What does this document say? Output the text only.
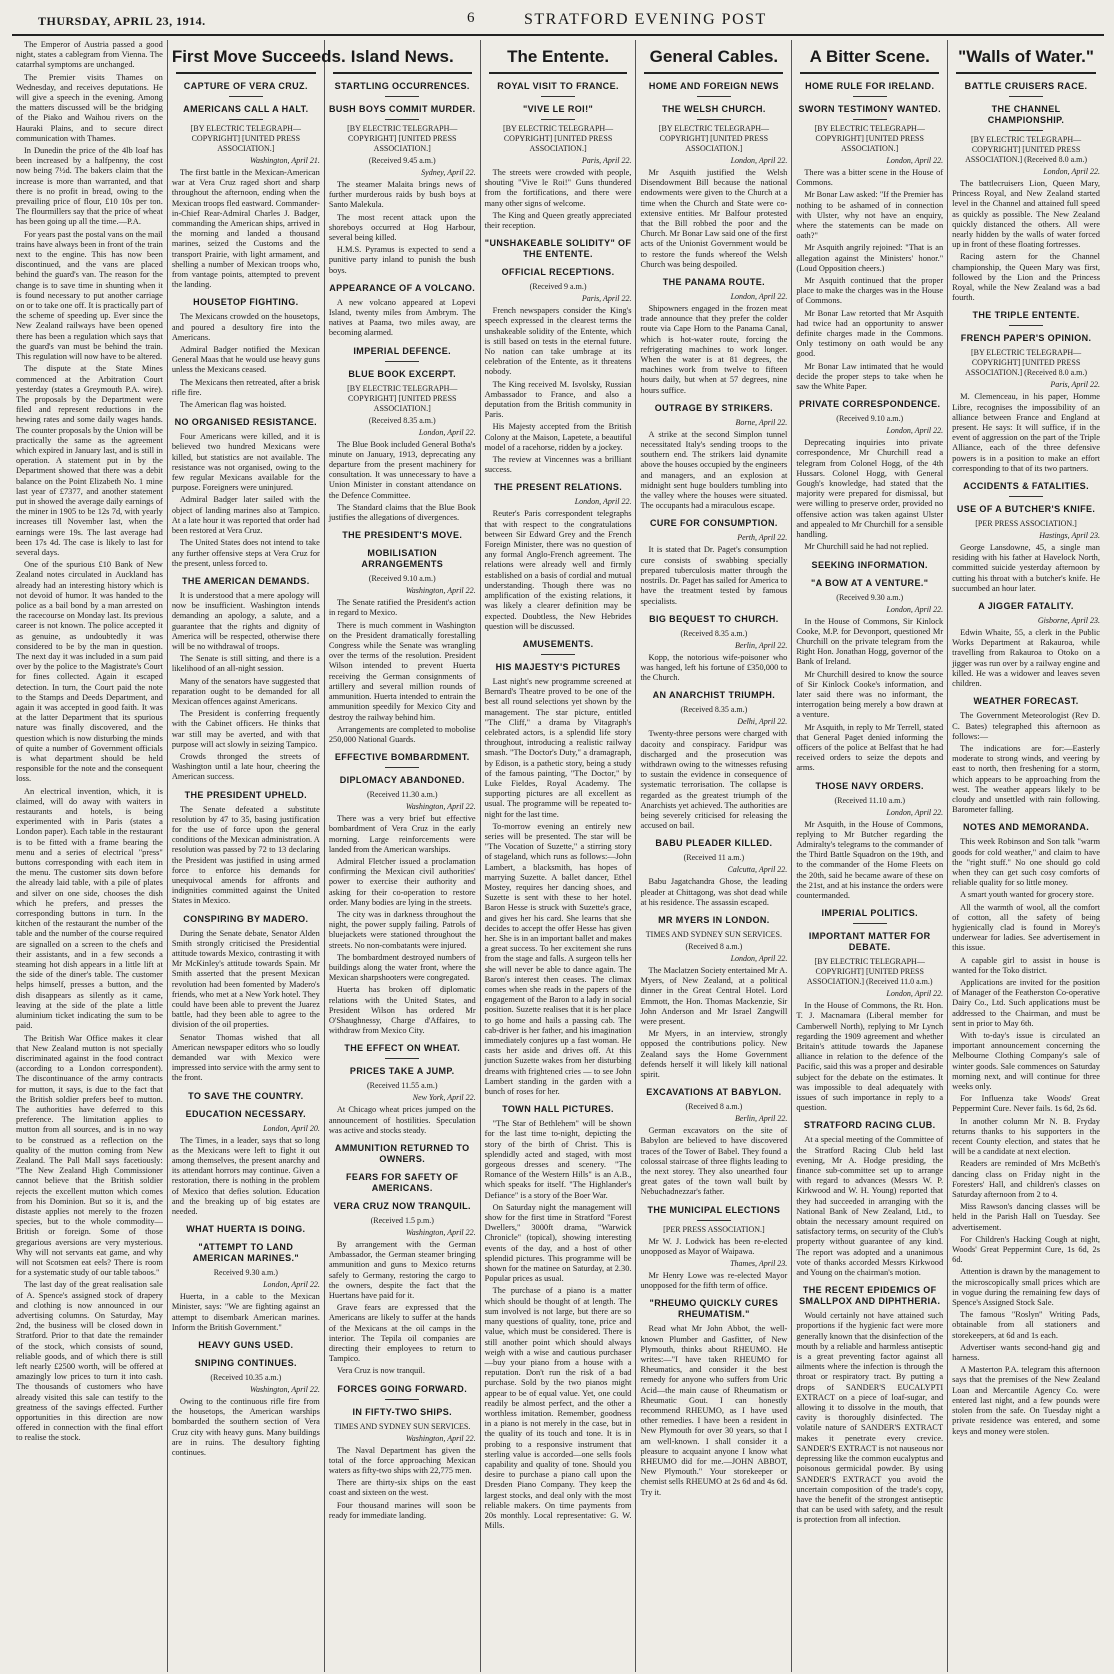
THURSDAY, APRIL 23, 1914.	6	STRATFORD EVENING POST
The Emperor of Austria passed a good night, states a cablegram from Vienna. The catarrhal symptoms are unchanged.
The Premier visits Thames on Wednesday, and receives deputations. He will give a speech in the evening. Among the matters discussed will be the bridging of the Piako and Waihou rivers on the Hauraki Plains, and to secure direct communication with Thames.
In Dunedin the price of the 4lb loaf has been increased by a halfpenny, the cost now being 7½d. The bakers claim that the increase is more than warranted, and that there is no profit in bread, owing to the prevailing price of flour, £10 10s per ton. The flourmillers say that the price of wheat has been going up all the time.—P.A.
For years past the postal vans on the mail trains have always been in front of the train next to the engine. This has now been discontinued, and the vans are placed behind the guard's van. The reason for the change is to save time in shunting when it is found necessary to put another carriage on or to take one off. It is practically part of the scheme of speeding up. Ever since the New Zealand railways have been opened there has been a regulation which says that the guard's van must be behind the train. This regulation will now have to be altered.
The dispute at the State Mines commenced at the Arbitration Court yesterday (states a Greymouth P.A. wire). The proposals by the Department were filed and represent reductions in the hewing rates and some daily wages hands. The counter proposals by the Union will be practically the same as the agreement which expired in January last, and is still in operation. A statement put in by the Department showed that there was a debit balance on the Point Elizabeth No. 1 mine last year of £7377, and another statement put in showed the average daily earnings of the miner in 1905 to be 12s 7d, with yearly increases till November last, when the earnings were 19s. The last average had been 17s 4d. The case is likely to last for several days.
One of the spurious £10 Bank of New Zealand notes circulated in Auckland has already had an interesting history which is not devoid of humor. It was handed to the police as a bail bond by a man arrested on the racecourse on Monday last. Its previous career is not known. The police accepted it as genuine, as undoubtedly it was considered to be by the man in question. The next day it was included in a sum paid over by the police to the Magistrate's Court for fines collected. Again it escaped detection. In turn, the Court paid the note to the Stamps and Deeds Department, and again it was accepted in good faith. It was at the latter Department that its spurious nature was finally discovered, and the question which is now disturbing the minds of quite a number of Government officials is what department should be held responsible for the note and the consequent loss.
An electrical invention, which, it is claimed, will do away with waiters in restaurants and hotels, is being experimented with in Paris (states a London paper). Each table in the restaurant is to be fitted with a frame bearing the menu and a series of electrical "press" buttons corresponding with each item in the menu. The customer sits down before the already laid table, with a pile of plates and silver on one side, chooses the dish which he prefers, and presses the corresponding buttons in turn. In the kitchen of the restaurant the number of the table and the number of the course required are signalled on a screen to the chefs and their assistants, and in a few seconds a steaming hot dish appears in a little lift at the side of the diner's table. The customer helps himself, presses a button, and the dish disappears as silently as it came, leaving at the side of the plate a little aluminium ticket indicating the sum to be paid.
The British War Office makes it clear that New Zealand mutton is not specially discriminated against in the food contract (according to a London correspondent). The discontinuance of the army contracts for mutton, it says, is due to the fact that the British soldier prefers beef to mutton. The authorities have deferred to this preference. The limitation applies to mutton from all sources, and is in no way to be construed as a reflection on the quality of the mutton coming from New Zealand. The Pall Mall says facetiously: "The New Zealand High Commissioner cannot believe that the British soldier rejects the excellent mutton which comes from his Dominion. But so it is, and the distaste applies not merely to the frozen species, but to the whole commodity—British or foreign. Some of those gregarious aversions are very mysterious. Why will not servants eat game, and why will not Scotsmen eat eels? There is room for a systematic study of our table taboos."
The last day of the great realisation sale of A. Spence's assigned stock of drapery and clothing is now announced in our advertising columns. On Saturday, May 2nd, the business will be closed down in Stratford. Prior to that date the remainder of the stock, which consists of sound, reliable goods, and of which there is still left nearly £2500 worth, will be offered at amazingly low prices to turn it into cash. The thousands of customers who have already visited this sale can testify to the greatness of the savings effected. Further opportunities in this direction are now offered in connection with the final effort to realise the stock.
First Move Succeeds.
CAPTURE OF VERA CRUZ.
AMERICANS CALL A HALT.
[BY ELECTRIC TELEGRAPH—COPYRIGHT] [UNITED PRESS ASSOCIATION.]
Washington, April 21.
The first battle in the Mexican-American war at Vera Cruz raged short and sharp throughout the afternoon, ending when the Mexican troops fled eastward. Commander-in-Chief Rear-Admiral Charles J. Badger, commanding the American ships, arrived in the morning and landed a thousand marines, seized the Customs and the transport Prairie, with light armament, and shelling a number of Mexican troops who, from vantage points, attempted to prevent the landing.
HOUSETOP FIGHTING.
The Mexicans crowded on the housetops, and poured a desultory fire into the Americans.
Admiral Badger notified the Mexican General Maas that he would use heavy guns unless the Mexicans ceased.
The Mexicans then retreated, after a brisk rifle fire.
The American flag was hoisted.
NO ORGANISED RESISTANCE.
Four Americans were killed, and it is believed two hundred Mexicans were killed, but statistics are not available. The resistance was not organised, owing to the few regular Mexicans available for the purpose. Foreigners were uninjured.
Admiral Badger later sailed with the object of landing marines also at Tampico. At a late hour it was reported that order had been restored at Vera Cruz.
The United States does not intend to take any further offensive steps at Vera Cruz for the present, unless forced to.
THE AMERICAN DEMANDS.
It is understood that a mere apology will now be insufficient. Washington intends demanding an apology, a salute, and a guarantee that the rights and dignity of America will be respected, otherwise there will be no withdrawal of troops.
The Senate is still sitting, and there is a likelihood of an all-night session.
Many of the senators have suggested that reparation ought to be demanded for all Mexican offences against Americans.
The President is conferring frequently with the Cabinet officers. He thinks that war still may be averted, and with that purpose will act slowly in seizing Tampico.
Crowds thronged the streets of Washington until a late hour, cheering the American success.
THE PRESIDENT UPHELD.
The Senate defeated a substitute resolution by 47 to 35, basing justification for the use of force upon the general conditions of the Mexican administration. A resolution was passed by 72 to 13 declaring the President was justified in using armed force to enforce his demands for unequivocal amends for affronts and indignities committed against the United States in Mexico.
CONSPIRING BY MADERO.
During the Senate debate, Senator Alden Smith strongly criticised the Presidential attitude towards Mexico, contrasting it with Mr McKinley's attitude towards Spain. Mr Smith asserted that the present Mexican revolution had been fomented by Madero's friends, who met at a New York hotel. They could have been able to prevent the Juarez battle, had they been able to agree to the division of the oil properties.
Senator Thomas wished that all American newspaper editors who so loudly demanded war with Mexico were impressed into service with the army sent to the front.
TO SAVE THE COUNTRY.
EDUCATION NECESSARY.
London, April 20.
The Times, in a leader, says that so long as the Mexicans were left to fight it out among themselves, the present anarchy and its attendant horrors may continue. Given a restoration, there is nothing in the problem of Mexico that defies solution. Education and the breaking up of big estates are needed.
WHAT HUERTA IS DOING.
"ATTEMPT TO LAND AMERICAN MARINES."
Received 9.30 a.m.)
London, April 22.
Huerta, in a cable to the Mexican Minister, says: "We are fighting against an attempt to disembark American marines. Inform the British Government."
HEAVY GUNS USED.
SNIPING CONTINUES.
(Received 10.35 a.m.)
Washington, April 22.
Owing to the continuous rifle fire from the housetops, the American warships bombarded the southern section of Vera Cruz city with heavy guns. Many buildings are in ruins. The desultory fighting continues.
Island News.
STARTLING OCCURRENCES.
BUSH BOYS COMMIT MURDER.
[BY ELECTRIC TELEGRAPH—COPYRIGHT] [UNITED PRESS ASSOCIATION.]
(Received 9.45 a.m.)
Sydney, April 22.
The steamer Malaita brings news of further murderous raids by bush boys at Santo Malekula.
The most recent attack upon the shoreboys occurred at Hog Harbour, several being killed.
H.M.S. Pyramus is expected to send a punitive party inland to punish the bush boys.
APPEARANCE OF A VOLCANO.
A new volcano appeared at Lopevi Island, twenty miles from Ambrym. The natives at Paama, two miles away, are becoming alarmed.
IMPERIAL DEFENCE.
BLUE BOOK EXCERPT.
[BY ELECTRIC TELEGRAPH—COPYRIGHT] [UNITED PRESS ASSOCIATION.]
(Received 8.35 a.m.)
London, April 22.
The Blue Book included General Botha's minute on January, 1913, deprecating any departure from the present machinery for consultation. It was unnecessary to have a Union Minister in constant attendance on the Defence Committee.
The Standard claims that the Blue Book justifies the allegations of divergences.
THE PRESIDENT'S MOVE.
MOBILISATION ARRANGEMENTS
(Received 9.10 a.m.)
Washington, April 22.
The Senate ratified the President's action in regard to Mexico.
There is much comment in Washington on the President dramatically forestalling Congress while the Senate was wrangling over the terms of the resolution. President Wilson intended to prevent Huerta receiving the German consignments of artillery and several million rounds of ammunition. Huerta intended to entrain the ammunition speedily for Mexico City and destroy the railway behind him.
Arrangements are completed to mobolise 250,000 National Guards.
EFFECTIVE BOMBARDMENT.
DIPLOMACY ABANDONED.
(Received 11.30 a.m.)
Washington, April 22.
There was a very brief but effective bombardment of Vera Cruz in the early morning. Large reinforcements were landed from the American warships.
Admiral Fletcher issued a proclamation confirming the Mexican civil authorities' power to exercise their authority and asking for their co-operation to restore order. Many bodies are lying in the streets.
The city was in darkness throughout the night, the power supply failing. Patrols of bluejackets were stationed throughout the streets. No non-combatants were injured.
The bombardment destroyed numbers of buildings along the water front, where the Mexican sharpshooters were congregated.
Huerta has broken off diplomatic relations with the United States, and President Wilson has ordered Mr O'Shaughnessy, Charge d'Affaires, to withdraw from Mexico City.
THE EFFECT ON WHEAT.
PRICES TAKE A JUMP.
(Received 11.55 a.m.)
New York, April 22.
At Chicago wheat prices jumped on the announcement of hostilities. Speculation was active and stocks steady.
AMMUNITION RETURNED TO OWNERS.
FEARS FOR SAFETY OF AMERICANS.
VERA CRUZ NOW TRANQUIL.
(Received 1.5 p.m.)
Washington, April 22.
By arrangement with the German Ambassador, the German steamer bringing ammunition and guns to Mexico returns safely to Germany, restoring the cargo to the owners, despite the fact that the Huertans have paid for it.
Grave fears are expressed that the Americans are likely to suffer at the hands of the Mexicans at the oil camps in the interior. The Tepila oil companies are directing their employees to return to Tampico.
Vera Cruz is now tranquil.
FORCES GOING FORWARD.
IN FIFTY-TWO SHIPS.
TIMES AND SYDNEY SUN SERVICES.
Washington, April 22.
The Naval Department has given the total of the force approaching Mexican waters as fifty-two ships with 22,775 men.
There are thirty-six ships on the east coast and sixteen on the west.
Four thousand marines will soon be ready for immediate landing.
The Entente.
ROYAL VISIT TO FRANCE.
"VIVE LE ROI!"
[BY ELECTRIC TELEGRAPH—COPYRIGHT] [UNITED PRESS ASSOCIATION.]
Paris, April 22.
The streets were crowded with people, shouting "Vive le Roi!" Guns thundered from the fortifications, and there were many other signs of welcome.
The King and Queen greatly appreciated their reception.
"UNSHAKEABLE SOLIDITY" OF THE ENTENTE.
OFFICIAL RECEPTIONS.
(Received 9 a.m.)
Paris, April 22.
French newspapers consider the King's speech expressed in the clearest terms the unshakeable solidity of the Entente, which is still based on tests in the eternal future. No nation can take umbrage at its celebration of the Entente, as it threatens nobody.
The King received M. Isvolsky, Russian Ambassador to France, and also a deputation from the British community in Paris.
His Majesty accepted from the British Colony at the Maison, Lapetete, a beautiful model of a racehorse, ridden by a jockey.
The review at Vincennes was a brilliant success.
THE PRESENT RELATIONS.
London, April 22.
Reuter's Paris correspondent telegraphs that with respect to the congratulations between Sir Edward Grey and the French Foreign Minister, there was no question of any formal Anglo-French agreement. The relations were already well and firmly established on a basis of cordial and mutual understanding. Though there was no amplification of the existing relations, it was likely a clearer definition may be expected. Doubtless, the New Hebrides question will be discussed.
AMUSEMENTS.
HIS MAJESTY'S PICTURES
Last night's new programme screened at Bernard's Theatre proved to be one of the best all round selections yet shown by the management. The star picture, entitled "The Cliff," a drama by Vitagraph's celebrated actors, is a splendid life story throughout, introducing a realistic railway smash. "The Doctor's Duty," a dramagraph, by Edison, is a pathetic story, being a study of the famous painting, "The Doctor," by Luke Fieldes, Royal Academy. The supporting pictures are all excellent as usual. The programme will be repeated to-night for the last time.
To-morrow evening an entirely new series will be presented. The star will be "The Vocation of Suzette," a stirring story of stageland, which runs as follows:—John Lambert, a blacksmith, has hopes of marrying Suzette. A ballet dancer, Ethel Mostey, requires her dancing shoes, and Suzette is sent with these to her hotel. Baron Hesse is struck with Suzette's grace, and gives her his card. She learns that she decides to accept the offer Hesse has given her. She is in an important ballet and makes a great success. To her excitement she runs from the stage and falls. A surgeon tells her she will never be able to dance again. The Baron's interest then ceases. The climax comes when she reads in the papers of the engagement of the Baron to a lady in social position. Suzette realises that it is her place to go home and hails a passing cab. The cab-driver is her father, and his imagination immediately conjures up a fast woman. He casts her aside and drives off. At this junction Suzette wakes from her disturbing dreams with frightened cries — to see John Lambert standing in the garden with a bunch of roses for her.
TOWN HALL PICTURES.
"The Star of Bethlehem" will be shown for the last time to-night, depicting the story of the birth of Christ. This is splendidly acted and staged, with most gorgeous dresses and scenery. "The Romance of the Western Hills" is an A.B., which speaks for itself. "The Highlander's Defiance" is a story of the Boer War.
On Saturday night the management will show for the first time in Stratford "Forest Dwellers," 3000ft drama, "Warwick Chronicle" (topical), showing interesting events of the day, and a host of other splendid pictures. This programme will be shown for the matinee on Saturday, at 2.30. Popular prices as usual.
The purchase of a piano is a matter which should be thought of at length. The sum involved is not large, but there are so many questions of quality, tone, price and value, which must be considered. There is still another point which should always weigh with a wise and cautious purchaser—buy your piano from a house with a reputation. Don't run the risk of a bad purchase. Sold by the two pianos might appear to be of equal value. Yet, one could readily be almost perfect, and the other a worthless imitation. Remember, goodness in a piano is not merely in the case, but in the quality of its touch and tone. It is in probing to a responsive instrument that sterling value is accorded—one sells fools capability and quality of tone. Should you desire to purchase a piano call upon the Dresden Piano Company. They keep the largest stocks, and deal only with the most reliable makers. On time payments from 20s monthly. Local representative: G. W. Mills.
General Cables.
HOME AND FOREIGN NEWS
THE WELSH CHURCH.
[BY ELECTRIC TELEGRAPH—COPYRIGHT] [UNITED PRESS ASSOCIATION.]
London, April 22.
Mr Asquith justified the Welsh Disendowment Bill because the national endowments were given to the Church at a time when the Church and State were co-extensive entities. Mr Balfour protested that the Bill robbed the poor and the Church. Mr Bonar Law said one of the first acts of the Unionist Government would be to restore the funds whereof the Welsh Church was being despoiled.
THE PANAMA ROUTE.
London, April 22.
Shipowners engaged in the frozen meat trade announce that they prefer the colder route via Cape Horn to the Panama Canal, which is hot-water route, forcing the refrigerating machines to work longer. When the water is at 81 degrees, the machines work from twelve to fifteen hours daily, but when at 57 degrees, nine hours suffice.
OUTRAGE BY STRIKERS.
Borne, April 22.
A strike at the second Simplon tunnel necessitated Italy's sending troops to the southern end. The strikers laid dynamite above the houses occupied by the engineers and managers, and an explosion at midnight sent huge boulders tumbling into the valley where the houses were situated. The occupants had a miraculous escape.
CURE FOR CONSUMPTION.
Perth, April 22.
It is stated that Dr. Paget's consumption cure consists of swabbing specially prepared tuberculosis matter through the nostrils. Dr. Paget has sailed for America to have the treatment tested by famous specialists.
BIG BEQUEST TO CHURCH.
(Received 8.35 a.m.)
Berlin, April 22.
Kopp, the notorious wife-poisoner who was hanged, left his fortune of £350,000 to the Church.
AN ANARCHIST TRIUMPH.
(Received 8.35 a.m.)
Delhi, April 22.
Twenty-three persons were charged with dacoity and conspiracy. Faridpur was discharged and the prosecution was withdrawn owing to the witnesses refusing to sustain the evidence in consequence of systematic terrorisation. The collapse is regarded as the greatest triumph of the Anarchists yet achieved. The authorities are being severely criticised for releasing the accused on bail.
BABU PLEADER KILLED.
(Received 11 a.m.)
Calcutta, April 22.
Babu Jagatchandra Ghose, the leading pleader at Chittagong, was shot dead while at his residence. The assassin escaped.
MR MYERS IN LONDON.
TIMES AND SYDNEY SUN SERVICES.
(Received 8 a.m.)
London, April 22.
The Maclatzen Society entertained Mr A. Myers, of New Zealand, at a political dinner in the Great Central Hotel. Lord Emmott, the Hon. Thomas Mackenzie, Sir John Anderson and Mr Israel Zangwill were present.
Mr Myers, in an interview, strongly opposed the contributions policy. New Zealand says the Home Government defends herself it will likely kill national spirit.
EXCAVATIONS AT BABYLON.
(Received 8 a.m.)
Berlin, April 22.
German excavators on the site of Babylon are believed to have discovered traces of the Tower of Babel. They found a colossal staircase of three flights leading to the next storey. They also unearthed four great gates of the town wall built by Nebuchadnezzar's father.
THE MUNICIPAL ELECTIONS
[PER PRESS ASSOCIATION.]
Mr W. J. Lodwick has been re-elected unopposed as Mayor of Waipawa.
Thames, April 23.
Mr Henry Lowe was re-elected Mayor unopposed for the fifth term of office.
"RHEUMO QUICKLY CURES RHEUMATISM."
Read what Mr John Abbot, the well-known Plumber and Gasfitter, of New Plymouth, thinks about RHEUMO. He writes:—"I have taken RHEUMO for Rheumatics, and consider it the best remedy for anyone who suffers from Uric Acid—the main cause of Rheumatism or Rheumatic Gout. I can honestly recommend RHEUMO, as I have used other remedies. I have been a resident in New Plymouth for over 30 years, so that I am well-known. I shall consider it a pleasure to acquaint anyone I know what RHEUMO did for me.—JOHN ABBOT, New Plymouth." Your storekeeper or chemist sells RHEUMO at 2s 6d and 4s 6d. Try it.
A Bitter Scene.
HOME RULE FOR IRELAND.
SWORN TESTIMONY WANTED.
[BY ELECTRIC TELEGRAPH—COPYRIGHT] [UNITED PRESS ASSOCIATION.]
London, April 22.
There was a bitter scene in the House of Commons.
Mr Bonar Law asked: "If the Premier has nothing to be ashamed of in connection with Ulster, why not have an enquiry, where the statements can be made on oath?"
Mr Asquith angrily rejoined: "That is an allegation against the Ministers' honor." (Loud Opposition cheers.)
Mr Asquith continued that the proper place to make the charges was in the House of Commons.
Mr Bonar Law retorted that Mr Asquith had twice had an opportunity to answer definite charges made in the Commons. Only testimony on oath would be any good.
Mr Bonar Law intimated that he would decide the proper steps to take when he saw the White Paper.
PRIVATE CORRESPONDENCE.
(Received 9.10 a.m.)
London, April 22.
Deprecating inquiries into private correspondence, Mr Churchill read a telegram from Colonel Hogg, of the 4th Hussars. Colonel Hogg, with General Gough's knowledge, had stated that the majority were prepared for dismissal, but were willing to preserve order, provided no offensive action was taken against Ulster and appealed to Mr Churchill for a sensible handling.
Mr Churchill said he had not replied.
SEEKING INFORMATION.
"A BOW AT A VENTURE."
(Received 9.30 a.m.)
London, April 22.
In the House of Commons, Sir Kinlock Cooke, M.P. for Devonport, questioned Mr Churchill on the private telegram from the Right Hon. Jonathan Hogg, governor of the Bank of Ireland.
Mr Churchill desired to know the source of Sir Kinlock Cooke's information, and later said there was no informant, the interrogation being merely a bow drawn at a venture.
Mr Asquith, in reply to Mr Terrell, stated that General Paget denied informing the officers of the police at Belfast that he had received orders to seize the depots and arms.
THOSE NAVY ORDERS.
(Received 11.10 a.m.)
London, April 22.
Mr Asquith, in the House of Commons, replying to Mr Butcher regarding the Admiralty's telegrams to the commander of the Third Battle Squadron on the 19th, and to the commander of the Home Fleets on the 20th, said he became aware of these on the 21st, and at his instance the orders were countermanded.
IMPERIAL POLITICS.
IMPORTANT MATTER FOR DEBATE.
[BY ELECTRIC TELEGRAPH—COPYRIGHT] [UNITED PRESS ASSOCIATION.] (Received 11.0 a.m.)
London, April 22.
In the House of Commons, the Rt. Hon. T. J. Macnamara (Liberal member for Camberwell North), replying to Mr Lynch regarding the 1909 agreement and whether Britain's attitude towards the Japanese alliance in relation to the defence of the Pacific, said this was a proper and desirable subject for the debate on the estimates. It was impossible to deal adequately with issues of such importance in reply to a question.
STRATFORD RACING CLUB.
At a special meeting of the Committee of the Stratford Racing Club held last evening, Mr A. Hodge presiding, the finance sub-committee set up to arrange with regard to advances (Messrs W. P. Kirkwood and W. H. Young) reported that they had succeeded in arranging with the National Bank of New Zealand, Ltd., to obtain the necessary amount required on satisfactory terms, on security of the Club's property without guarantee of any kind. The report was adopted and a unanimous vote of thanks accorded Messrs Kirkwood and Young on the chairman's motion.
THE RECENT EPIDEMICS OF SMALLPOX AND DIPHTHERIA.
Would certainly not have attained such proportions if the hygienic fact were more generally known that the disinfection of the mouth by a reliable and harmless antiseptic is a great preventing factor against all ailments where the infection is through the throat or respiratory tract. By putting a drops of SANDER'S EUCALYPTI EXTRACT on a piece of loaf-sugar, and allowing it to dissolve in the mouth, that cavity is thoroughly disinfected. The volatile nature of SANDER'S EXTRACT makes it penetrate every crevice. SANDER'S EXTRACT is not nauseous nor depressing like the common eucalyptus and poisonous germicidal powder. By using SANDER'S EXTRACT you avoid the uncertain composition of the trade's copy, have the benefit of the strongest antiseptic that can be used with safety, and the result is protection from all infection.
"Walls of Water."
BATTLE CRUISERS RACE.
THE CHANNEL CHAMPIONSHIP.
[BY ELECTRIC TELEGRAPH—COPYRIGHT] [UNITED PRESS ASSOCIATION.] (Received 8.0 a.m.)
London, April 22.
The battlecruisers Lion, Queen Mary, Princess Royal, and New Zealand started level in the Channel and attained full speed as quickly as possible. The New Zealand quickly distanced the others. All were nearly hidden by the walls of water forced up in front of these floating fortresses.
Racing astern for the Channel championship, the Queen Mary was first, followed by the Lion and the Princess Royal, while the New Zealand was a bad fourth.
THE TRIPLE ENTENTE.
FRENCH PAPER'S OPINION.
[BY ELECTRIC TELEGRAPH—COPYRIGHT] [UNITED PRESS ASSOCIATION.] (Received 8.0 a.m.)
Paris, April 22.
M. Clemenceau, in his paper, Homme Libre, recognises the impossibility of an alliance between France and England at present. He says: It will suffice, if in the event of aggression on the part of the Triple Alliance, each of the three defensive powers is in a position to make an effort corresponding to that of its two partners.
ACCIDENTS & FATALITIES.
USE OF A BUTCHER'S KNIFE.
[PER PRESS ASSOCIATION.]
Hastings, April 23.
George Lansdowne, 45, a single man residing with his father at Havelock North, committed suicide yesterday afternoon by cutting his throat with a butcher's knife. He succumbed an hour later.
A JIGGER FATALITY.
Gisborne, April 23.
Edwin Whaite, 55, a clerk in the Public Works Department at Rakauroa, while travelling from Rakauroa to Otoko on a jigger was run over by a railway engine and killed. He was a widower and leaves seven children.
WEATHER FORECAST.
The Government Meteorologist (Rev D. C. Bates) telegraphed this afternoon as follows:—
The indications are for:—Easterly moderate to strong winds, and veering by east to north, then freshening for a storm, which appears to be approaching from the west. The weather appears likely to be cloudy and unsettled with rain following. Barometer falling.
NOTES AND MEMORANDA.
This week Robinson and Son talk "warm goods for cold weather," and claim to have the "right stuff." No one should go cold when they can get such cosy comforts of reliable quality for so little money.
A smart youth wanted for grocery store.
All the warmth of wool, all the comfort of cotton, all the safety of being hygienically clad is found in Morey's underwear for ladies. See advertisement in this issue.
A capable girl to assist in house is wanted for the Toko district.
Applications are invited for the position of Manager of the Featherston Co-operative Dairy Co., Ltd. Such applications must be addressed to the Chairman, and must be sent in prior to May 6th.
With to-day's issue is circulated an important announcement concerning the Melbourne Clothing Company's sale of winter goods. Sale commences on Saturday morning next, and will continue for three weeks only.
For Influenza take Woods' Great Peppermint Cure. Never fails. 1s 6d, 2s 6d.
In another column Mr N. B. Fryday returns thanks to his supporters in the recent County election, and states that he will be a candidate at next election.
Readers are reminded of Mrs McBeth's dancing class on Friday night in the Foresters' Hall, and children's classes on Saturday afternoon from 2 to 4.
Miss Rawson's dancing classes will be held in the Parish Hall on Tuesday. See advertisement.
For Children's Hacking Cough at night, Woods' Great Peppermint Cure, 1s 6d, 2s 6d.
Attention is drawn by the management to the microscopically small prices which are in vogue during the remaining few days of Spence's Assigned Stock Sale.
The famous "Roslyn" Writing Pads, obtainable from all stationers and storekeepers, at 6d and 1s each.
Advertiser wants second-hand gig and harness.
A Masterton P.A. telegram this afternoon says that the premises of the New Zealand Loan and Mercantile Agency Co. were entered last night, and a few pounds were stolen from the safe. On Tuesday night a private residence was entered, and some keys and money were stolen.
